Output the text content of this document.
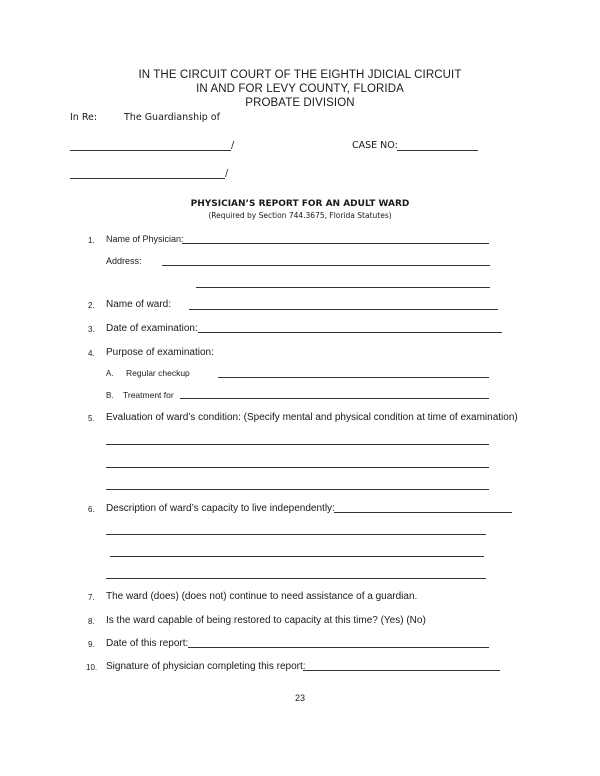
IN THE CIRCUIT COURT OF THE EIGHTH JDICIAL CIRCUIT
IN AND FOR LEVY COUNTY, FLORIDA
PROBATE DIVISION
In Re:	The Guardianship of
/	CASE NO:
/
PHYSICIAN’S REPORT FOR AN ADULT WARD
(Required by Section 744.3675, Florida Statutes)
1. Name of Physician:
Address:
2. Name of ward:
3. Date of examination:
4. Purpose of examination:
A. Regular checkup
B. Treatment for
5. Evaluation of ward’s condition: (Specify mental and physical condition at time of examination)
6. Description of ward’s capacity to live independently:
7. The ward (does) (does not) continue to need assistance of a guardian.
8. Is the ward capable of being restored to capacity at this time? (Yes) (No)
9. Date of this report:
10. Signature of physician completing this report:
23
